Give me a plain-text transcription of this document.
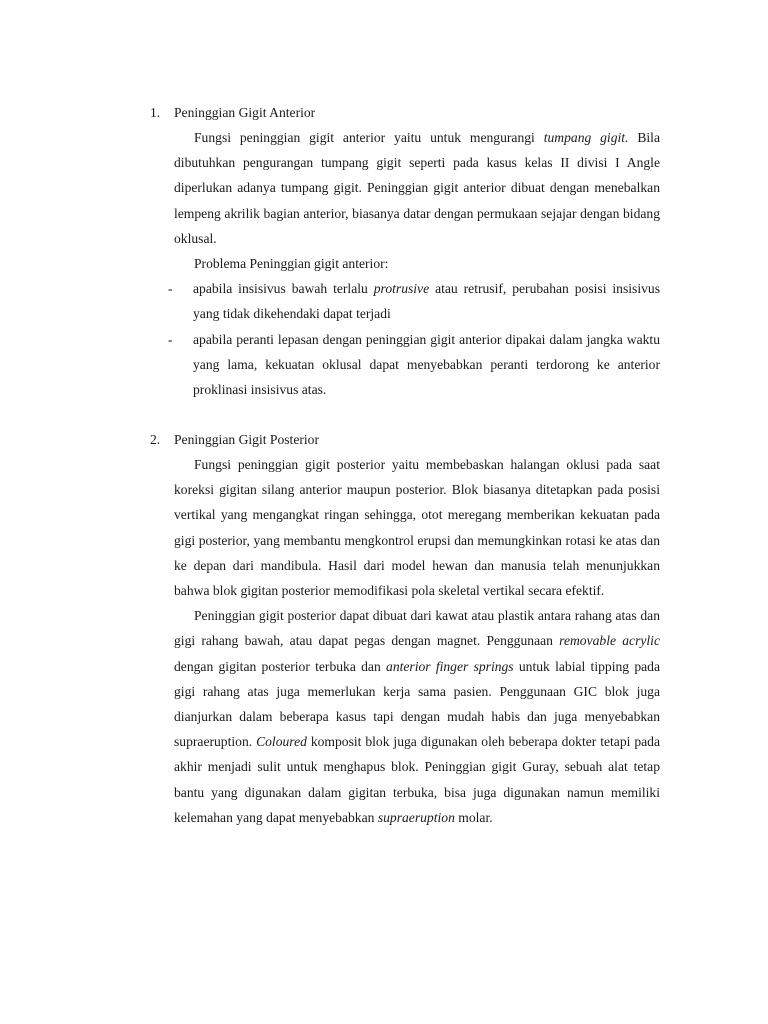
1. Peninggian Gigit Anterior

Fungsi peninggian gigit anterior yaitu untuk mengurangi tumpang gigit. Bila dibutuhkan pengurangan tumpang gigit seperti pada kasus kelas II divisi I Angle diperlukan adanya tumpang gigit. Peninggian gigit anterior dibuat dengan menebalkan lempeng akrilik bagian anterior, biasanya datar dengan permukaan sejajar dengan bidang oklusal.

Problema Peninggian gigit anterior:

- apabila insisivus bawah terlalu protrusive atau retrusif, perubahan posisi insisivus yang tidak dikehendaki dapat terjadi
- apabila peranti lepasan dengan peninggian gigit anterior dipakai dalam jangka waktu yang lama, kekuatan oklusal dapat menyebabkan peranti terdorong ke anterior proklinasi insisivus atas.
2. Peninggian Gigit Posterior

Fungsi peninggian gigit posterior yaitu membebaskan halangan oklusi pada saat koreksi gigitan silang anterior maupun posterior. Blok biasanya ditetapkan pada posisi vertikal yang mengangkat ringan sehingga, otot meregang memberikan kekuatan pada gigi posterior, yang membantu mengkontrol erupsi dan memungkinkan rotasi ke atas dan ke depan dari mandibula. Hasil dari model hewan dan manusia telah menunjukkan bahwa blok gigitan posterior memodifikasi pola skeletal vertikal secara efektif.

Peninggian gigit posterior dapat dibuat dari kawat atau plastik antara rahang atas dan gigi rahang bawah, atau dapat pegas dengan magnet. Penggunaan removable acrylic dengan gigitan posterior terbuka dan anterior finger springs untuk labial tipping pada gigi rahang atas juga memerlukan kerja sama pasien. Penggunaan GIC blok juga dianjurkan dalam beberapa kasus tapi dengan mudah habis dan juga menyebabkan supraeruption. Coloured komposit blok juga digunakan oleh beberapa dokter tetapi pada akhir menjadi sulit untuk menghapus blok. Peninggian gigit Guray, sebuah alat tetap bantu yang digunakan dalam gigitan terbuka, bisa juga digunakan namun memiliki kelemahan yang dapat menyebabkan supraeruption molar.
